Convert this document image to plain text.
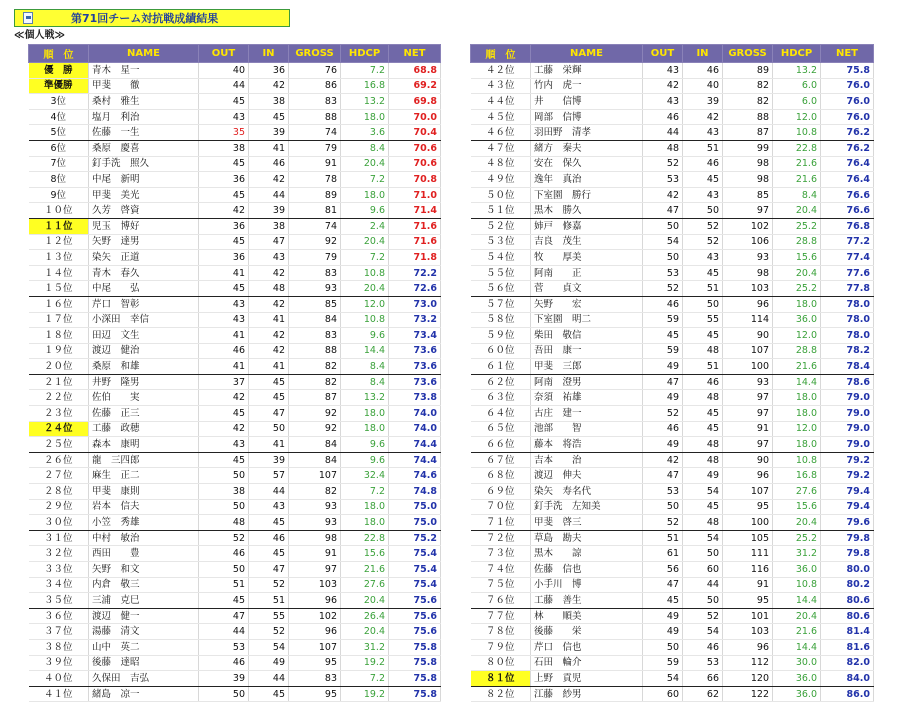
第71回チーム対抗戦成績結果
≪個人戦≫
順　位	NAME	OUT	IN	GROSS	HDCP	NET
優　勝	青木　星一	40	36	76	7.2	68.8
準優勝	甲斐　　徹	44	42	86	16.8	69.2
3位	桑村　雅生	45	38	83	13.2	69.8
4位	塩月　利治	43	45	88	18.0	70.0
5位	佐藤　一生	35	39	74	3.6	70.4
6位	桑原　慶喜	38	41	79	8.4	70.6
7位	釘手洗　照久	45	46	91	20.4	70.6
8位	中尾　新明	36	42	78	7.2	70.8
9位	甲斐　美光	45	44	89	18.0	71.0
１０位	久芳　啓資	42	39	81	9.6	71.4
１１位	児玉　博好	36	38	74	2.4	71.6
１２位	矢野　達男	45	47	92	20.4	71.6
１３位	染矢　正道	36	43	79	7.2	71.8
１４位	青木　春久	41	42	83	10.8	72.2
１５位	中尾　　弘	45	48	93	20.4	72.6
１６位	芹口　智彰	43	42	85	12.0	73.0
１７位	小深田　幸信	43	41	84	10.8	73.2
１８位	田辺　文生	41	42	83	9.6	73.4
１９位	渡辺　健治	46	42	88	14.4	73.6
２０位	桑原　和雄	41	41	82	8.4	73.6
２１位	井野　隆男	37	45	82	8.4	73.6
２２位	佐伯　　実	42	45	87	13.2	73.8
２３位	佐藤　正三	45	47	92	18.0	74.0
２４位	工藤　政穂	42	50	92	18.0	74.0
２５位	森本　康明	43	41	84	9.6	74.4
２６位	龍　三四郎	45	39	84	9.6	74.4
２７位	麻生　正二	50	57	107	32.4	74.6
２８位	甲斐　康則	38	44	82	7.2	74.8
２９位	岩本　信夫	50	43	93	18.0	75.0
３０位	小笠　秀雄	48	45	93	18.0	75.0
３１位	中村　敏治	52	46	98	22.8	75.2
３２位	西田　　豊	46	45	91	15.6	75.4
３３位	矢野　和文	50	47	97	21.6	75.4
３４位	内倉　敬三	51	52	103	27.6	75.4
３５位	三浦　克巳	45	51	96	20.4	75.6
３６位	渡辺　健一	47	55	102	26.4	75.6
３７位	湯藤　清文	44	52	96	20.4	75.6
３８位	山中　英二	53	54	107	31.2	75.8
３９位	後藤　達昭	46	49	95	19.2	75.8
４０位	久保田　吉弘	39	44	83	7.2	75.8
４１位	緒島　凉一	50	45	95	19.2	75.8
順　位	NAME	OUT	IN	GROSS	HDCP	NET
４２位	工藤　栄輝	43	46	89	13.2	75.8
４３位	竹内　虎一	42	40	82	6.0	76.0
４４位	井　　信博	43	39	82	6.0	76.0
４５位	岡部　信博	46	42	88	12.0	76.0
４６位	羽田野　清孝	44	43	87	10.8	76.2
４７位	緒方　秦夫	48	51	99	22.8	76.2
４８位	安在　保久	52	46	98	21.6	76.4
４９位	逸年　真治	53	45	98	21.6	76.4
５０位	下室園　勝行	42	43	85	8.4	76.6
５１位	黒木　勝久	47	50	97	20.4	76.6
５２位	姉戸　修嘉	50	52	102	25.2	76.8
５３位	吉良　茂生	54	52	106	28.8	77.2
５４位	牧　　厚美	50	43	93	15.6	77.4
５５位	阿南　　正	53	45	98	20.4	77.6
５６位	菅　　貞文	52	51	103	25.2	77.8
５７位	矢野　　宏	46	50	96	18.0	78.0
５８位	下室園　明二	59	55	114	36.0	78.0
５９位	柴田　敬信	45	45	90	12.0	78.0
６０位	吾田　康一	59	48	107	28.8	78.2
６１位	甲斐　三郎	49	51	100	21.6	78.4
６２位	阿南　澄男	47	46	93	14.4	78.6
６３位	奈須　祐雄	49	48	97	18.0	79.0
６４位	古庄　建一	52	45	97	18.0	79.0
６５位	池部　　智	46	45	91	12.0	79.0
６６位	藤本　将浩	49	48	97	18.0	79.0
６７位	吉本　　治	42	48	90	10.8	79.2
６８位	渡辺　伸夫	47	49	96	16.8	79.2
６９位	染矢　寿名代	53	54	107	27.6	79.4
７０位	釘手洗　左知美	50	45	95	15.6	79.4
７１位	甲斐　啓三	52	48	100	20.4	79.6
７２位	草島　勘夫	51	54	105	25.2	79.8
７３位	黒木　　諒	61	50	111	31.2	79.8
７４位	佐藤　信也	56	60	116	36.0	80.0
７５位	小手川　博	47	44	91	10.8	80.2
７６位	工藤　善生	45	50	95	14.4	80.6
７７位	林　　順美	49	52	101	20.4	80.6
７８位	後藤　　栄	49	54	103	21.6	81.4
７９位	芹口　信也	50	46	96	14.4	81.6
８０位	石田　輪介	59	53	112	30.0	82.0
８１位	上野　貢児	54	66	120	36.0	84.0
８２位	江藤　紗男	60	62	122	36.0	86.0
